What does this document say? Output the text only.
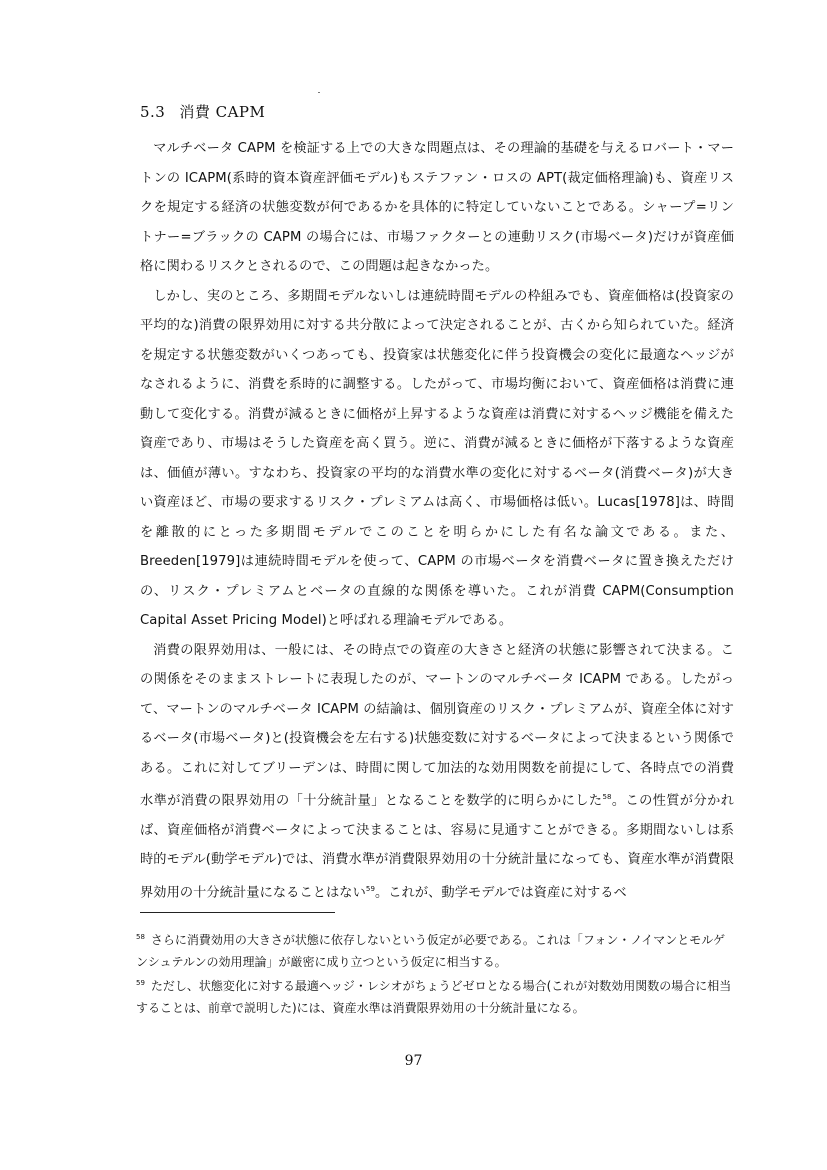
5.3 消費 CAPM

マルチベータ CAPM を検証する上での大きな問題点は、その理論的基礎を与えるロバート・マートンの ICAPM(系時的資本資産評価モデル)もステファン・ロスの APT(裁定価格理論)も、資産リスクを規定する経済の状態変数が何であるかを具体的に特定していないことである。シャープ=リントナー=ブラックの CAPM の場合には、市場ファクターとの連動リスク(市場ベータ)だけが資産価格に関わるリスクとされるので、この問題は起きなかった。

しかし、実のところ、多期間モデルないしは連続時間モデルの枠組みでも、資産価格は(投資家の平均的な)消費の限界効用に対する共分散によって決定されることが、古くから知られていた。経済を規定する状態変数がいくつあっても、投資家は状態変化に伴う投資機会の変化に最適なヘッジがなされるように、消費を系時的に調整する。したがって、市場均衡において、資産価格は消費に連動して変化する。消費が減るときに価格が上昇するような資産は消費に対するヘッジ機能を備えた資産であり、市場はそうした資産を高く買う。逆に、消費が減るときに価格が下落するような資産は、価値が薄い。すなわち、投資家の平均的な消費水準の変化に対するベータ(消費ベータ)が大きい資産ほど、市場の要求するリスク・プレミアムは高く、市場価格は低い。Lucas[1978]は、時間を離散的にとった多期間モデルでこのことを明らかにした有名な論文である。また、Breeden[1979]は連続時間モデルを使って、CAPM の市場ベータを消費ベータに置き換えただけの、リスク・プレミアムとベータの直線的な関係を導いた。これが消費 CAPM(Consumption Capital Asset Pricing Model)と呼ばれる理論モデルである。

消費の限界効用は、一般には、その時点での資産の大きさと経済の状態に影響されて決まる。この関係をそのままストレートに表現したのが、マートンのマルチベータ ICAPM である。したがって、マートンのマルチベータ ICAPM の結論は、個別資産のリスク・プレミアムが、資産全体に対するベータ(市場ベータ)と(投資機会を左右する)状態変数に対するベータによって決まるという関係である。これに対してブリーデンは、時間に関して加法的な効用関数を前提にして、各時点での消費水準が消費の限界効用の「十分統計量」となることを数学的に明らかにした$^{58}$。この性質が分かれば、資産価格が消費ベータによって決まることは、容易に見通すことができる。多期間ないしは系時的モデル(動学モデル)では、消費水準が消費限界効用の十分統計量になっても、資産水準が消費限界効用の十分統計量になることはない$^{59}$。これが、動学モデルでは資産に対するベ

$^{58}$ さらに消費効用の大きさが状態に依存しないという仮定が必要である。これは「フォン・ノイマンとモルゲンシュテルンの効用理論」が厳密に成り立つという仮定に相当する。

$^{59}$ ただし、状態変化に対する最適ヘッジ・レシオがちょうどゼロとなる場合(これが対数効用関数の場合に相当することは、前章で説明した)には、資産水準は消費限界効用の十分統計量になる。

97
